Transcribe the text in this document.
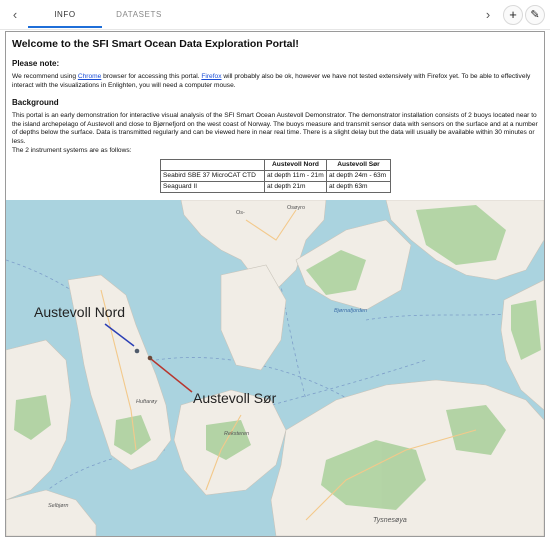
‹	INFO	DATASETS	›	+	✎
Welcome to the SFI Smart Ocean Data Exploration Portal!
Please note:

We recommend using Chrome browser for accessing this portal. Firefox will probably also be ok, however we have not tested extensively with Firefox yet. To be able to effectively interact with the visualizations in Enlighten, you will need a computer mouse.

Background

This portal is an early demonstration for interactive visual analysis of the SFI Smart Ocean Austevoll Demonstrator. The demonstrator installation consists of 2 buoys located near to the island archepelago of Austevoll and close to Bjørnefjord on the west coast of Norway. The buoys measure and transmit sensor data with sensors on the surface and at a number of depths below the surface. Data is transmitted regularly and can be viewed here in near real time. There is a slight delay but the data will usually be available within 30 minutes or less.

The 2 instrument systems are as follows:

	Austevoll Nord	Austevoll Sør
Seabird SBE 37 MicroCAT CTD	at depth 11m - 21m	at depth 24m - 63m
Seaguard II	at depth 21m	at depth 63m
Austevoll Nord
Austevoll Sør
Os-
Osøyro
Bjørnafjorden
Huftarøy
Reksteren
Selbjørn
Tysnesøya
